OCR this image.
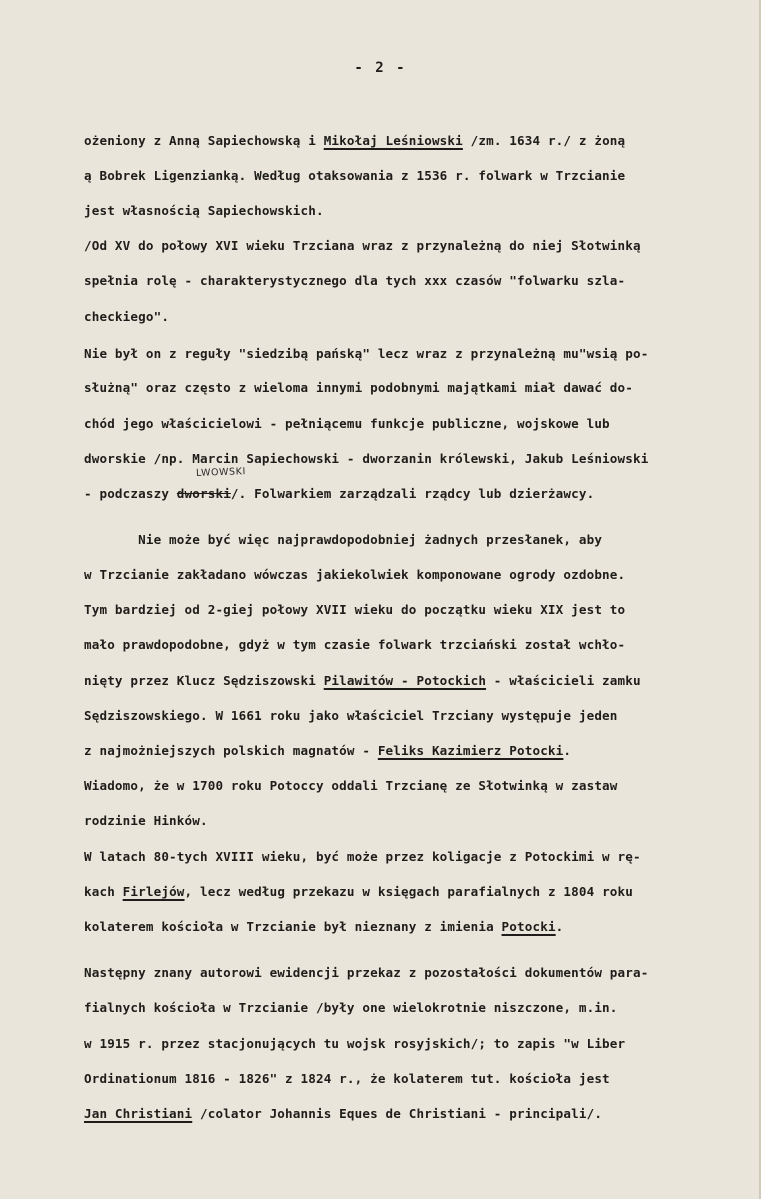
- 2 -

ożeniony z Anną Sapiechowską i Mikołaj Leśniowski /zm. 1634 r./ z żoną

ą Bobrek Ligenzianką. Według otaksowania z 1536 r. folwark w Trzcianie

jest własnością Sapiechowskich.

/Od XV do połowy XVI wieku Trzciana wraz z przynależną do niej Słotwinką

spełnia rolę - charakterystycznego dla tych xxx czasów "folwarku szla-

checkiego".

Nie był on z reguły "siedzibą pańską" lecz wraz z przynależną mu"wsią po-

służną" oraz często z wieloma innymi podobnymi majątkami miał dawać do-

chód jego właścicielowi - pełniącemu funkcje publiczne, wojskowe lub

dworskie /np. Marcin Sapiechowski - dworzanin królewski, Jakub Leśniowski

LWOWSKI

- podczaszy dworski/. Folwarkiem zarządzali rządcy lub dzierżawcy.

Nie może być więc najprawdopodobniej żadnych przesłanek, aby

w Trzcianie zakładano wówczas jakiekolwiek komponowane ogrody ozdobne.

Tym bardziej od 2-giej połowy XVII wieku do początku wieku XIX jest to

mało prawdopodobne, gdyż w tym czasie folwark trzciański został wchło-

nięty przez Klucz Sędziszowski Pilawitów - Potockich - właścicieli zamku

Sędziszowskiego. W 1661 roku jako właściciel Trzciany występuje jeden

z najmożniejszych polskich magnatów - Feliks Kazimierz Potocki.

Wiadomo, że w 1700 roku Potoccy oddali Trzcianę ze Słotwinką w zastaw

rodzinie Hinków.

W latach 80-tych XVIII wieku, być może przez koligacje z Potockimi w rę-

kach Firlejów, lecz według przekazu w księgach parafialnych z 1804 roku

kolaterem kościoła w Trzcianie był nieznany z imienia Potocki.

Następny znany autorowi ewidencji przekaz z pozostałości dokumentów para-

fialnych kościoła w Trzcianie /były one wielokrotnie niszczone, m.in.

w 1915 r. przez stacjonujących tu wojsk rosyjskich/; to zapis "w Liber

Ordinationum 1816 - 1826" z 1824 r., że kolaterem tut. kościoła jest

Jan Christiani /colator Johannis Eques de Christiani - principali/.
